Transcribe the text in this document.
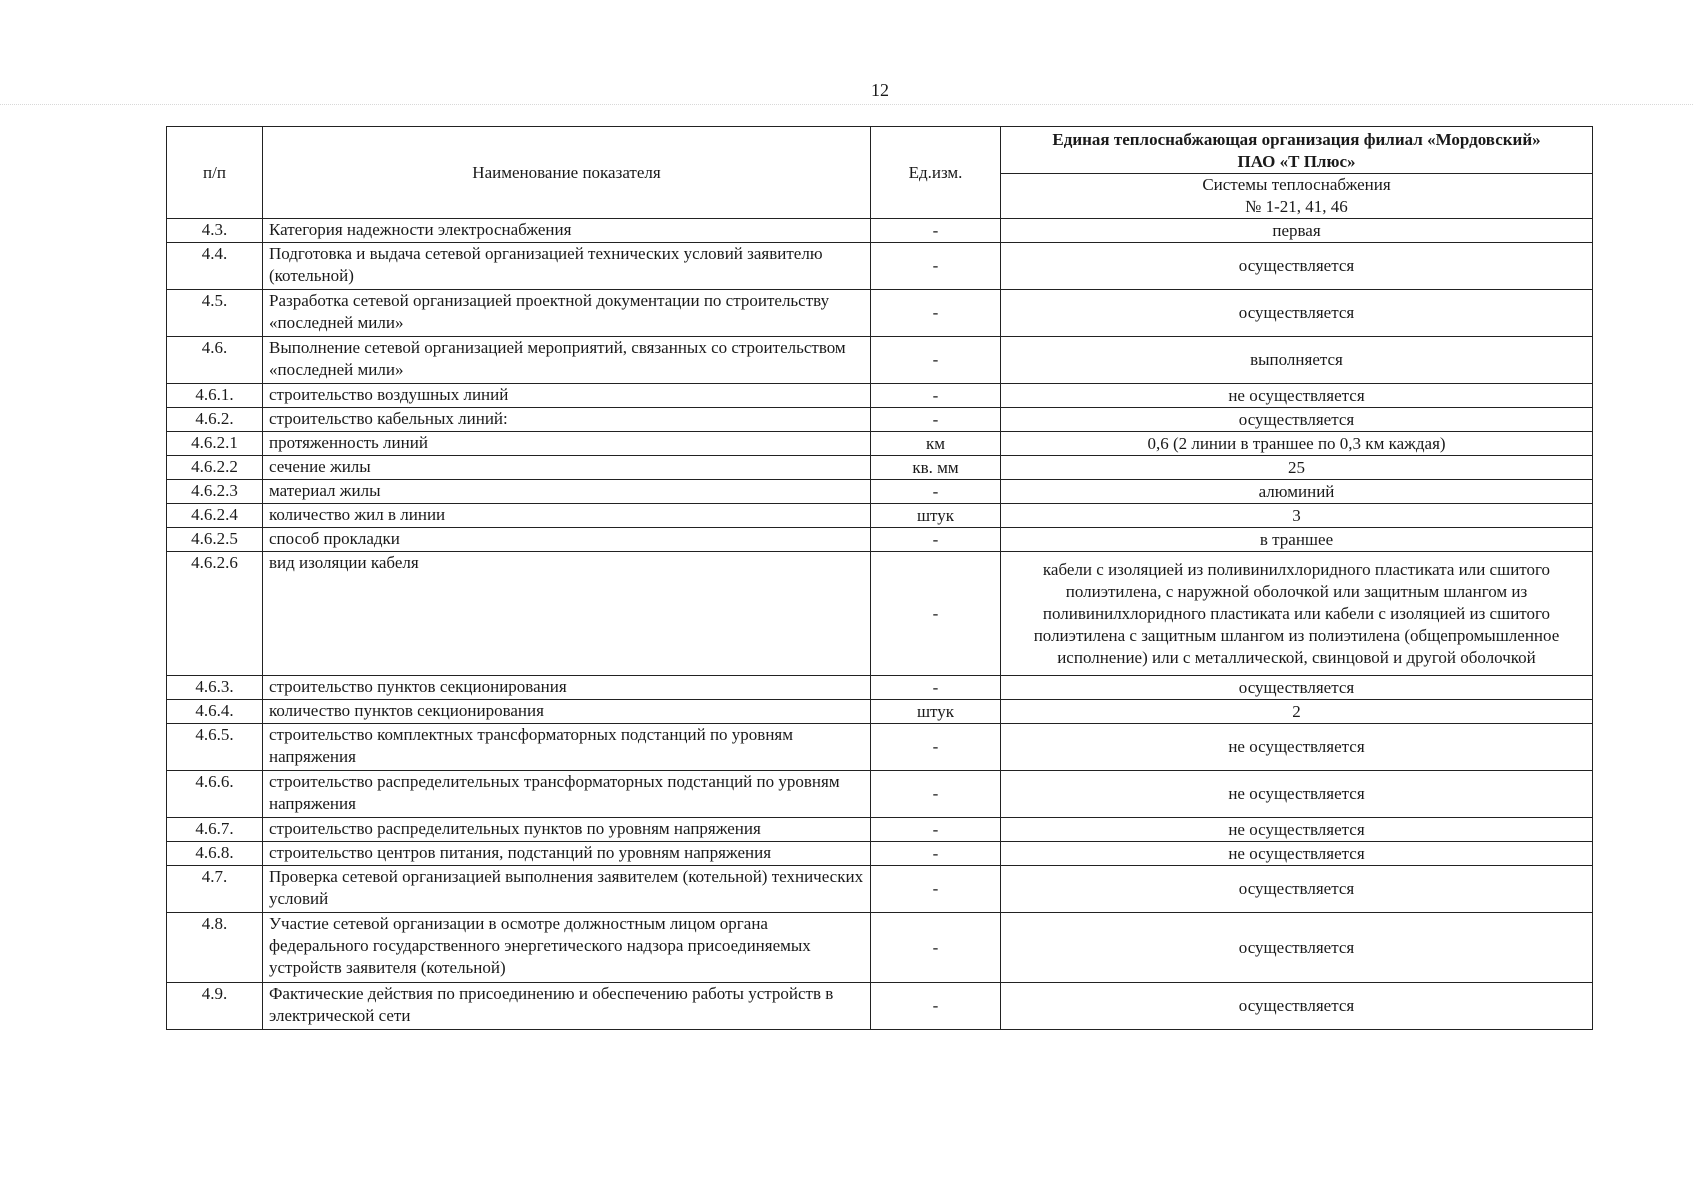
12
п/п	Наименование показателя	Ед.изм.	Единая теплоснабжающая организация филиал «Мордовский»
ПАО «Т Плюс»

			Системы теплоснабжения
№ 1-21, 41, 46

4.3.	Категория надежности электроснабжения	-	первая
4.4.	Подготовка и выдача сетевой организацией технических условий заявителю (котельной)	-	осуществляется
4.5.	Разработка сетевой организацией проектной документации по строительству «последней мили»	-	осуществляется
4.6.	Выполнение сетевой организацией мероприятий, связанных со строительством «последней мили»	-	выполняется
4.6.1.	строительство воздушных линий	-	не осуществляется
4.6.2.	строительство кабельных линий:	-	осуществляется
4.6.2.1	протяженность линий	км	0,6 (2 линии в траншее по 0,3 км каждая)
4.6.2.2	сечение жилы	кв. мм	25
4.6.2.3	материал жилы	-	алюминий
4.6.2.4	количество жил в линии	штук	3
4.6.2.5	способ прокладки	-	в траншее
4.6.2.6	вид изоляции кабеля	-	кабели с изоляцией из поливинилхлоридного пластиката или сшитого полиэтилена, с наружной оболочкой или защитным шлангом из поливинилхлоридного пластиката или кабели с изоляцией из сшитого полиэтилена с защитным шлангом из полиэтилена (общепромышленное исполнение) или с металлической, свинцовой и другой оболочкой
4.6.3.	строительство пунктов секционирования	-	осуществляется
4.6.4.	количество пунктов секционирования	штук	2
4.6.5.	строительство комплектных трансформаторных подстанций по уровням напряжения	-	не осуществляется
4.6.6.	строительство распределительных трансформаторных подстанций по уровням напряжения	-	не осуществляется
4.6.7.	строительство распределительных пунктов по уровням напряжения	-	не осуществляется
4.6.8.	строительство центров питания, подстанций по уровням напряжения	-	не осуществляется
4.7.	Проверка сетевой организацией выполнения заявителем (котельной) технических условий	-	осуществляется
4.8.	Участие сетевой организации в осмотре должностным лицом органа федерального государственного энергетического надзора присоединяемых устройств заявителя (котельной)	-	осуществляется
4.9.	Фактические действия по присоединению и обеспечению работы устройств в электрической сети	-	осуществляется
